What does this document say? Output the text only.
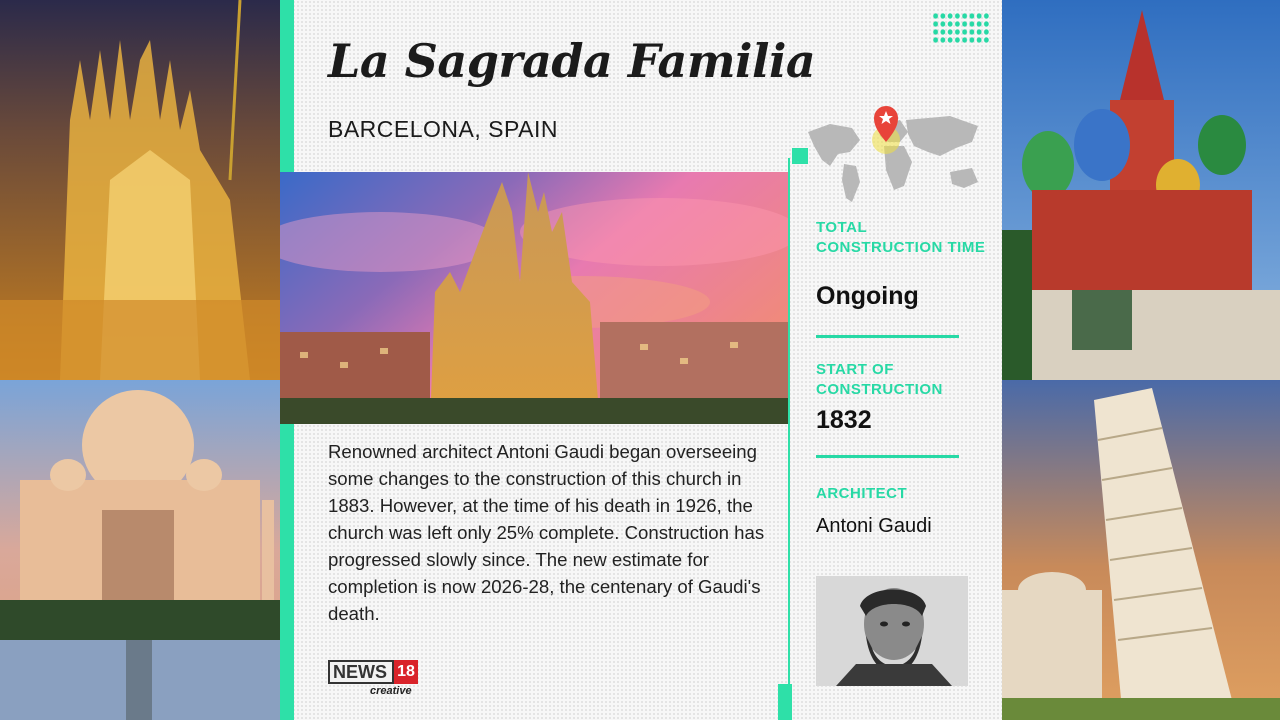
La Sagrada Familia
BARCELONA, SPAIN
Renowned architect Antoni Gaudi began overseeing some changes to the construction of this church in 1883. However, at the time of his death in 1926, the church was left only 25% complete. Construction has progressed slowly since. The new estimate for completion is now 2026-28, the centenary of Gaudi's death.
TOTAL CONSTRUCTION TIME
Ongoing
START OF CONSTRUCTION
1832
ARCHITECT
Antoni Gaudi
NEWS 18
creative
